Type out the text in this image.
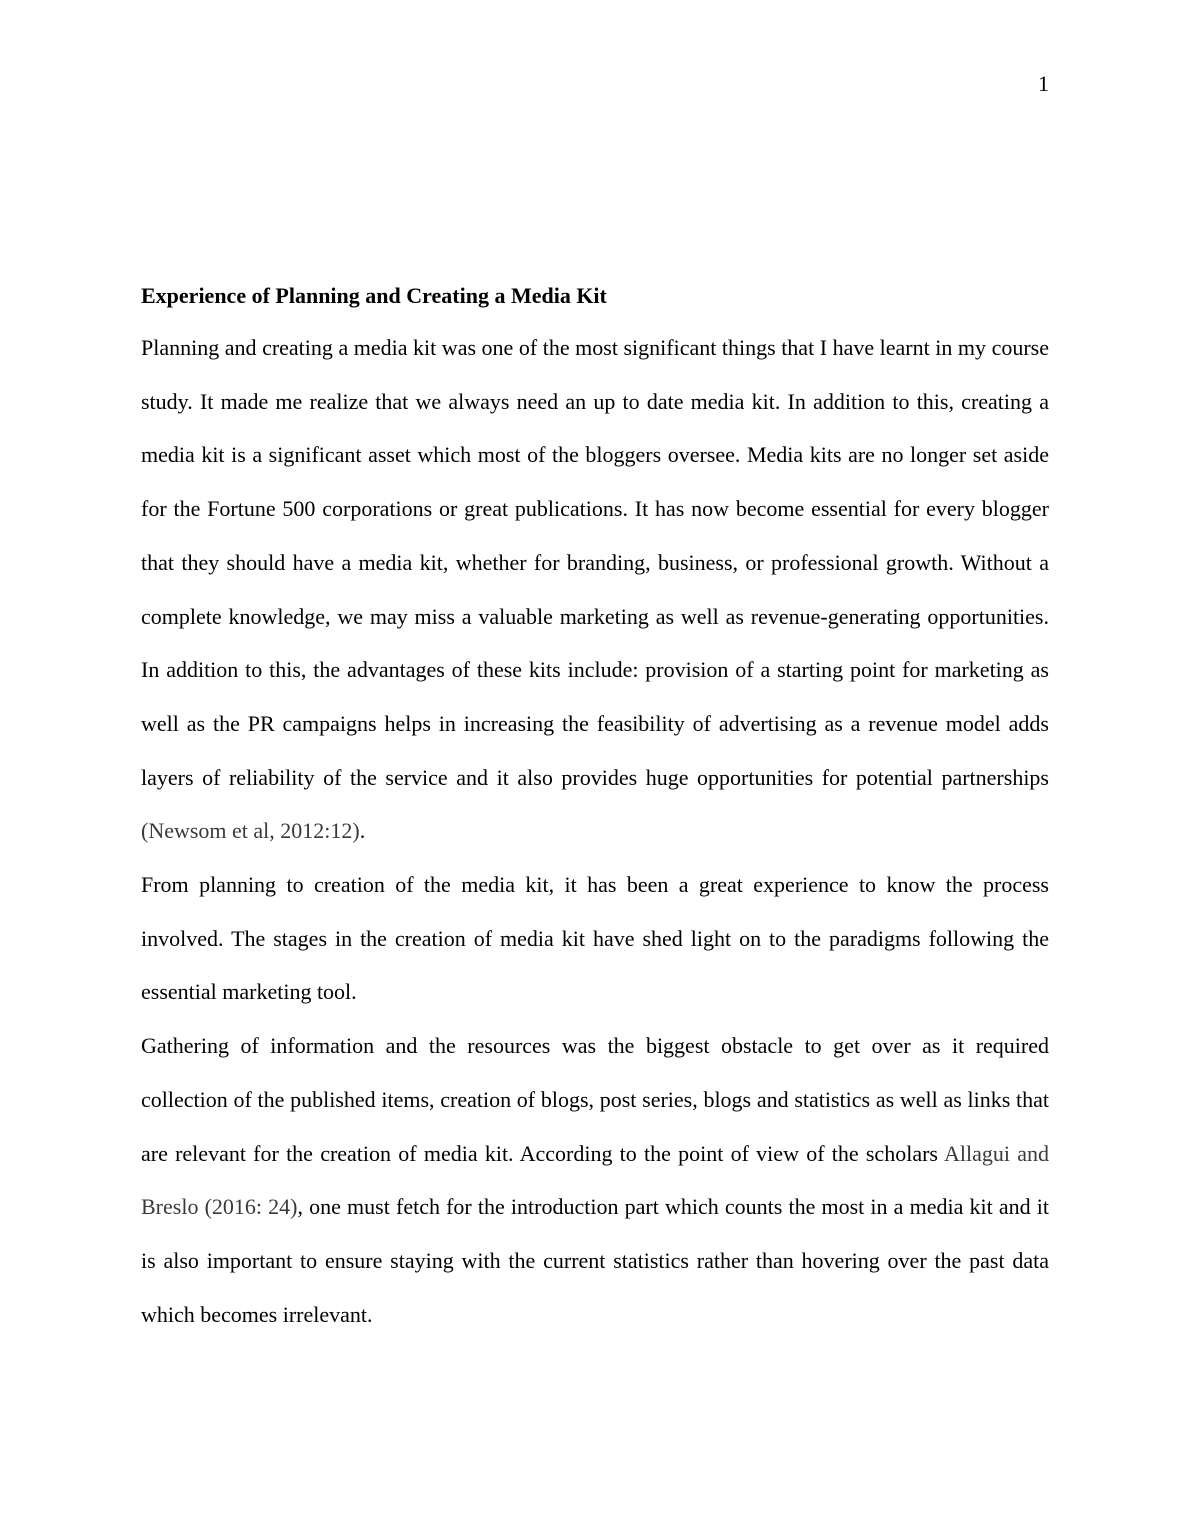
1
Experience of Planning and Creating a Media Kit

Planning and creating a media kit was one of the most significant things that I have learnt in my course study. It made me realize that we always need an up to date media kit. In addition to this, creating a media kit is a significant asset which most of the bloggers oversee. Media kits are no longer set aside for the Fortune 500 corporations or great publications. It has now become essential for every blogger that they should have a media kit, whether for branding, business, or professional growth. Without a complete knowledge, we may miss a valuable marketing as well as revenue-generating opportunities. In addition to this, the advantages of these kits include: provision of a starting point for marketing as well as the PR campaigns helps in increasing the feasibility of advertising as a revenue model adds layers of reliability of the service and it also provides huge opportunities for potential partnerships (Newsom et al, 2012:12).

From planning to creation of the media kit, it has been a great experience to know the process involved. The stages in the creation of media kit have shed light on to the paradigms following the essential marketing tool.

Gathering of information and the resources was the biggest obstacle to get over as it required collection of the published items, creation of blogs, post series, blogs and statistics as well as links that are relevant for the creation of media kit. According to the point of view of the scholars Allagui and Breslo (2016: 24), one must fetch for the introduction part which counts the most in a media kit and it is also important to ensure staying with the current statistics rather than hovering over the past data which becomes irrelevant.
